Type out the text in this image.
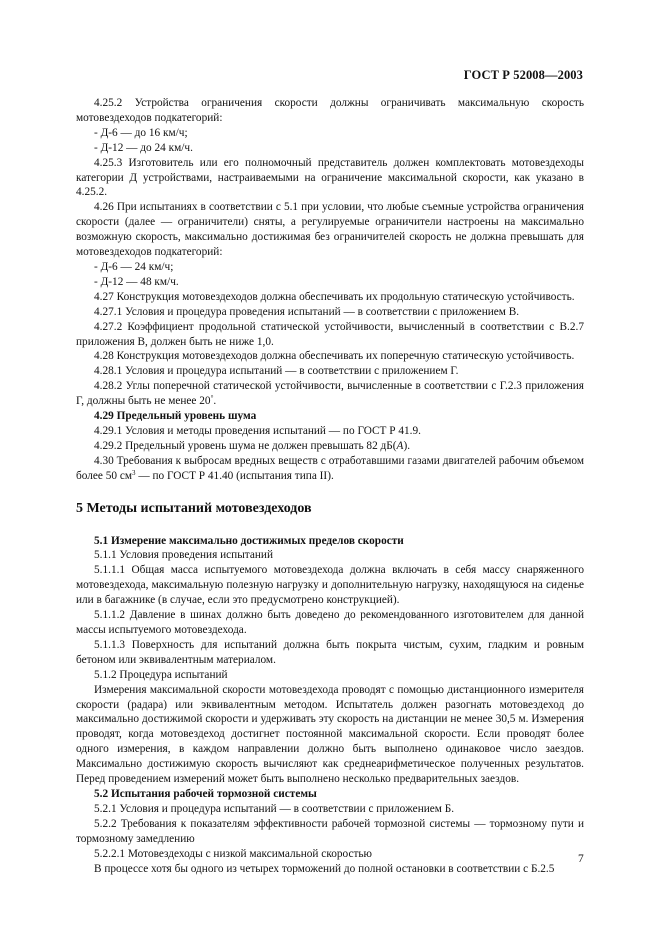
ГОСТ Р 52008—2003

4.25.2 Устройства ограничения скорости должны ограничивать максимальную скорость мотовездеходов подкатегорий:

- Д-6 — до 16 км/ч;

- Д-12 — до 24 км/ч.

4.25.3 Изготовитель или его полномочный представитель должен комплектовать мотовездеходы категории Д устройствами, настраиваемыми на ограничение максимальной скорости, как указано в 4.25.2.

4.26 При испытаниях в соответствии с 5.1 при условии, что любые съемные устройства ограничения скорости (далее — ограничители) сняты, а регулируемые ограничители настроены на максимально возможную скорость, максимально достижимая без ограничителей скорость не должна превышать для мотовездеходов подкатегорий:

- Д-6 — 24 км/ч;

- Д-12 — 48 км/ч.

4.27 Конструкция мотовездеходов должна обеспечивать их продольную статическую устойчивость.

4.27.1 Условия и процедура проведения испытаний — в соответствии с приложением В.

4.27.2 Коэффициент продольной статической устойчивости, вычисленный в соответствии с В.2.7 приложения В, должен быть не ниже 1,0.

4.28 Конструкция мотовездеходов должна обеспечивать их поперечную статическую устойчивость.

4.28.1 Условия и процедура испытаний — в соответствии с приложением Г.

4.28.2 Углы поперечной статической устойчивости, вычисленные в соответствии с Г.2.3 приложения Г, должны быть не менее 20°.

4.29 Предельный уровень шума

4.29.1 Условия и методы проведения испытаний — по ГОСТ Р 41.9.

4.29.2 Предельный уровень шума не должен превышать 82 дБ(А).

4.30 Требования к выбросам вредных веществ с отработавшими газами двигателей рабочим объемом более 50 $см^3$ — по ГОСТ Р 41.40 (испытания типа II).

5 Методы испытаний мотовездеходов

5.1 Измерение максимально достижимых пределов скорости

5.1.1 Условия проведения испытаний

5.1.1.1 Общая масса испытуемого мотовездехода должна включать в себя массу снаряженного мотовездехода, максимальную полезную нагрузку и дополнительную нагрузку, находящуюся на сиденье или в багажнике (в случае, если это предусмотрено конструкцией).

5.1.1.2 Давление в шинах должно быть доведено до рекомендованного изготовителем для данной массы испытуемого мотовездехода.

5.1.1.3 Поверхность для испытаний должна быть покрыта чистым, сухим, гладким и ровным бетоном или эквивалентным материалом.

5.1.2 Процедура испытаний

Измерения максимальной скорости мотовездехода проводят с помощью дистанционного измерителя скорости (радара) или эквивалентным методом. Испытатель должен разогнать мотовездеход до максимально достижимой скорости и удерживать эту скорость на дистанции не менее 30,5 м. Измерения проводят, когда мотовездеход достигнет постоянной максимальной скорости. Если проводят более одного измерения, в каждом направлении должно быть выполнено одинаковое число заездов. Максимально достижимую скорость вычисляют как среднеарифметическое полученных результатов. Перед проведением измерений может быть выполнено несколько предварительных заездов.

5.2 Испытания рабочей тормозной системы

5.2.1 Условия и процедура испытаний — в соответствии с приложением Б.

5.2.2 Требования к показателям эффективности рабочей тормозной системы — тормозному пути и тормозному замедлению

5.2.2.1 Мотовездеходы с низкой максимальной скоростью

В процессе хотя бы одного из четырех торможений до полной остановки в соответствии с Б.2.5

7
